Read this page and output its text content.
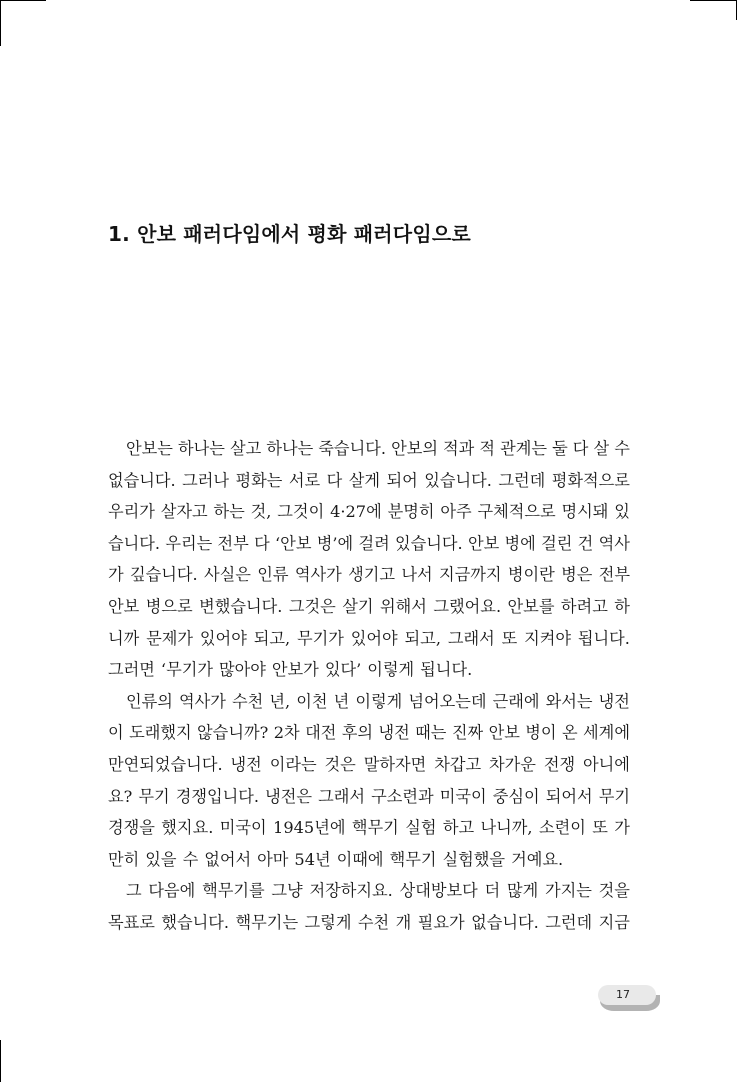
1. 안보 패러다임에서 평화 패러다임으로
안보는 하나는 살고 하나는 죽습니다. 안보의 적과 적 관계는 둘 다 살 수
없습니다. 그러나 평화는 서로 다 살게 되어 있습니다. 그런데 평화적으로
우리가 살자고 하는 것, 그것이 4·27에 분명히 아주 구체적으로 명시돼 있
습니다. 우리는 전부 다 ‘안보 병’에 걸려 있습니다. 안보 병에 걸린 건 역사
가 깊습니다. 사실은 인류 역사가 생기고 나서 지금까지 병이란 병은 전부
안보 병으로 변했습니다. 그것은 살기 위해서 그랬어요. 안보를 하려고 하
니까 문제가 있어야 되고, 무기가 있어야 되고, 그래서 또 지켜야 됩니다.
그러면 ‘무기가 많아야 안보가 있다’ 이렇게 됩니다.
인류의 역사가 수천 년, 이천 년 이렇게 넘어오는데 근래에 와서는 냉전
이 도래했지 않습니까? 2차 대전 후의 냉전 때는 진짜 안보 병이 온 세계에
만연되었습니다. 냉전 이라는 것은 말하자면 차갑고 차가운 전쟁 아니에
요? 무기 경쟁입니다. 냉전은 그래서 구소련과 미국이 중심이 되어서 무기
경쟁을 했지요. 미국이 1945년에 핵무기 실험 하고 나니까, 소련이 또 가
만히 있을 수 없어서 아마 54년 이때에 핵무기 실험했을 거예요.
그 다음에 핵무기를 그냥 저장하지요. 상대방보다 더 많게 가지는 것을
목표로 했습니다. 핵무기는 그렇게 수천 개 필요가 없습니다. 그런데 지금
17
